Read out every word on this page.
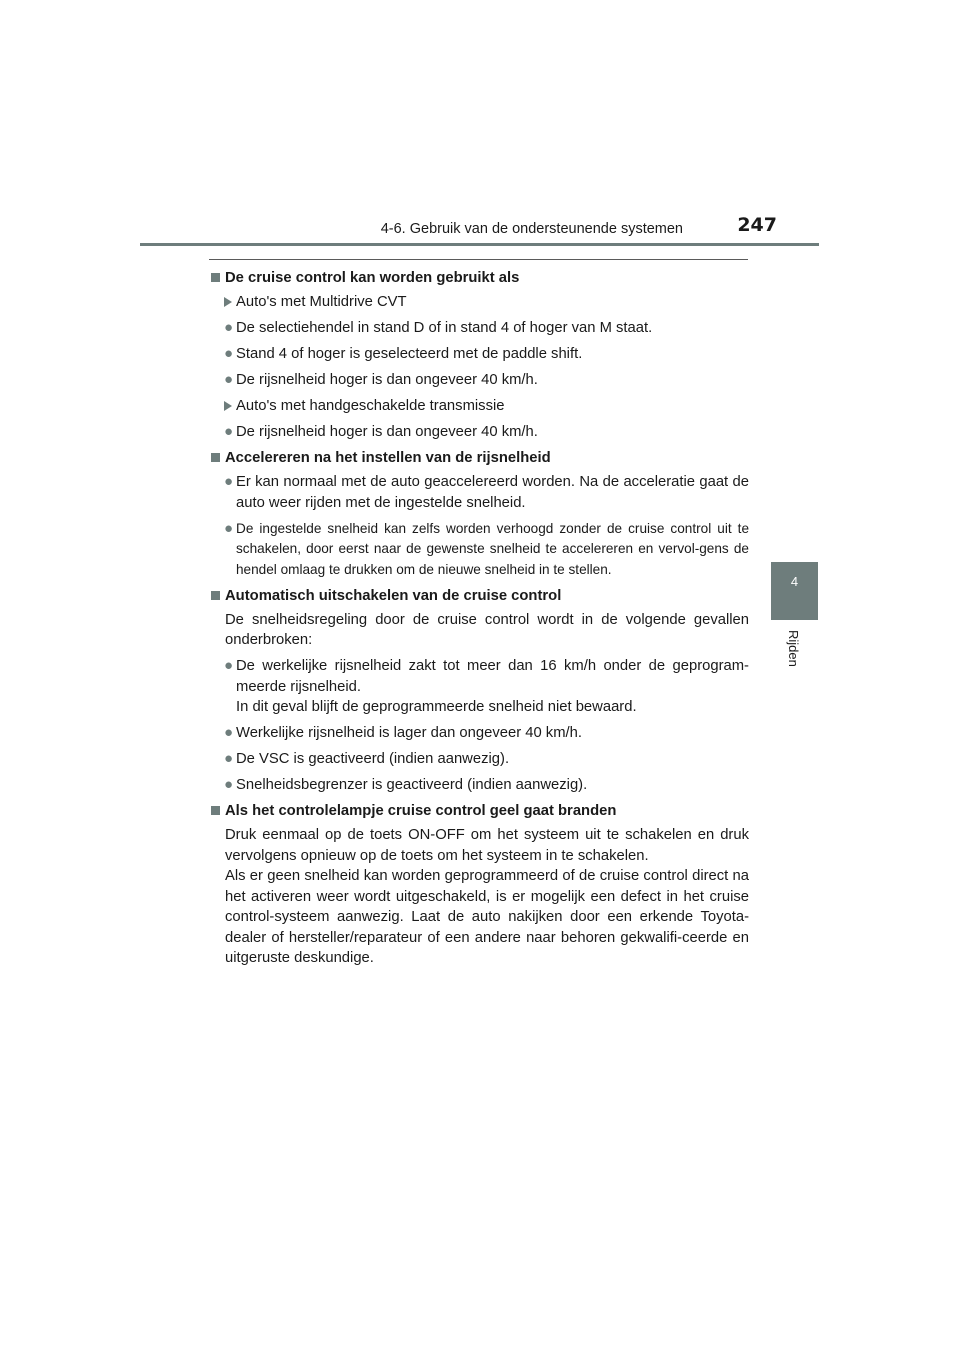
4-6. Gebruik van de ondersteunende systemen	247
4
Rijden
De cruise control kan worden gebruikt als
Auto's met Multidrive CVT
● De selectiehendel in stand D of in stand 4 of hoger van M staat.
● Stand 4 of hoger is geselecteerd met de paddle shift.
● De rijsnelheid hoger is dan ongeveer 40 km/h.
Auto's met handgeschakelde transmissie
● De rijsnelheid hoger is dan ongeveer 40 km/h.
Accelereren na het instellen van de rijsnelheid
● Er kan normaal met de auto geaccelereerd worden. Na de acceleratie gaat de auto weer rijden met de ingestelde snelheid.
● De ingestelde snelheid kan zelfs worden verhoogd zonder de cruise control uit te schakelen, door eerst naar de gewenste snelheid te accelereren en vervol-gens de hendel omlaag te drukken om de nieuwe snelheid in te stellen.
Automatisch uitschakelen van de cruise control
De snelheidsregeling door de cruise control wordt in de volgende gevallen onderbroken:
● De werkelijke rijsnelheid zakt tot meer dan 16 km/h onder de geprogram-meerde rijsnelheid.
In dit geval blijft de geprogrammeerde snelheid niet bewaard.
● Werkelijke rijsnelheid is lager dan ongeveer 40 km/h.
● De VSC is geactiveerd (indien aanwezig).
● Snelheidsbegrenzer is geactiveerd (indien aanwezig).
Als het controlelampje cruise control geel gaat branden
Druk eenmaal op de toets ON-OFF om het systeem uit te schakelen en druk vervolgens opnieuw op de toets om het systeem in te schakelen.
Als er geen snelheid kan worden geprogrammeerd of de cruise control direct na het activeren weer wordt uitgeschakeld, is er mogelijk een defect in het cruise control-systeem aanwezig. Laat de auto nakijken door een erkende Toyota-dealer of hersteller/reparateur of een andere naar behoren gekwalifi-ceerde en uitgeruste deskundige.
